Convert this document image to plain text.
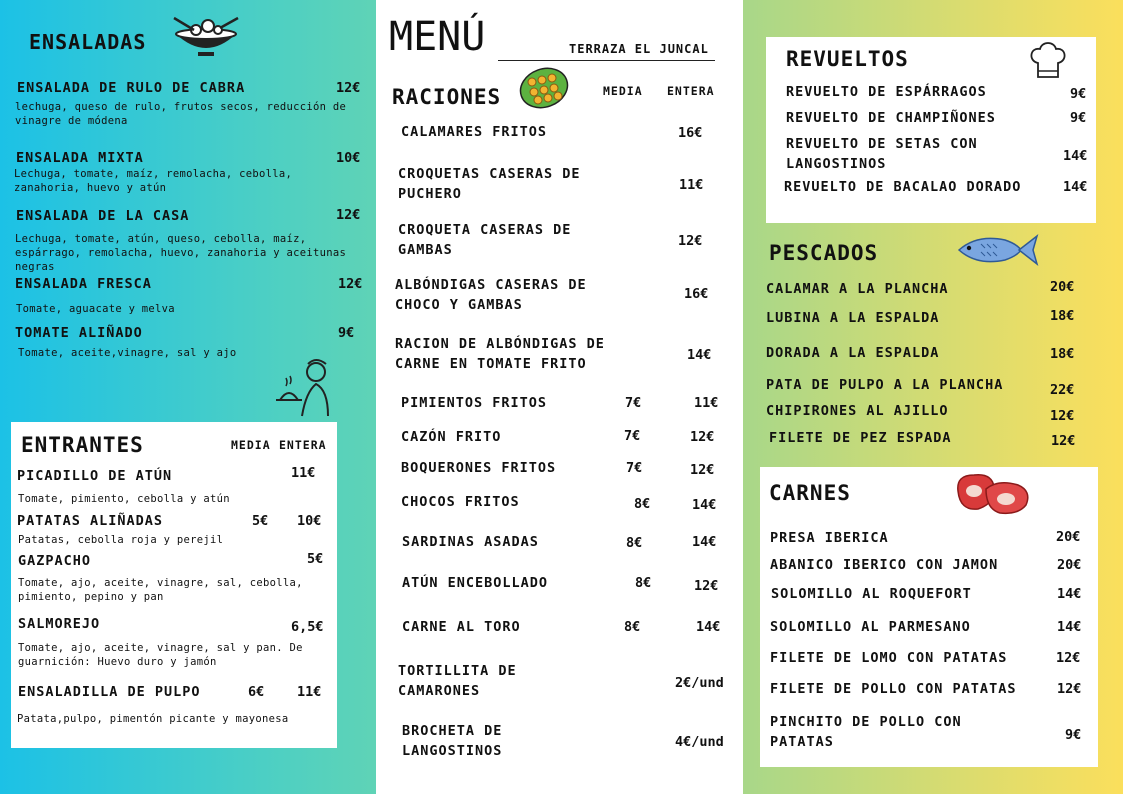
ENSALADAS
ENSALADA DE RULO DE CABRA	12€
lechuga, queso de rulo, frutos secos, reducción de vinagre de módena
ENSALADA MIXTA	10€
Lechuga, tomate, maíz, remolacha, cebolla, zanahoria, huevo y atún
ENSALADA DE LA CASA	12€
Lechuga, tomate, atún, queso, cebolla, maíz, espárrago, remolacha, huevo, zanahoria y aceitunas negras
ENSALADA FRESCA	12€
Tomate, aguacate y melva
TOMATE ALIÑADO	9€
Tomate, aceite,vinagre, sal y ajo
ENTRANTES	MEDIA ENTERA
PICADILLO DE ATÚN	11€
Tomate, pimiento, cebolla y atún
PATATAS ALIÑADAS	5€ 10€
Patatas, cebolla roja y perejil
GAZPACHO	5€
Tomate, ajo, aceite, vinagre, sal, cebolla, pimiento, pepino y pan
SALMOREJO	6,5€
Tomate, ajo, aceite, vinagre, sal y pan. De guarnición: Huevo duro y jamón
ENSALADILLA DE PULPO	6€ 11€
Patata,pulpo, pimentón picante y mayonesa
MENÚ	TERRAZA EL JUNCAL
RACIONES	MEDIA ENTERA
CALAMARES FRITOS	16€
CROQUETAS CASERAS DE PUCHERO
11€
CROQUETA CASERAS DE GAMBAS
12€
ALBÓNDIGAS CASERAS DE CHOCO Y GAMBAS
16€
RACION DE ALBÓNDIGAS DE CARNE EN TOMATE FRITO
14€
PIMIENTOS FRITOS	7€	11€
CAZÓN FRITO	7€	12€
BOQUERONES FRITOS	7€	12€
CHOCOS FRITOS	8€	14€
SARDINAS ASADAS	8€	14€
ATÚN ENCEBOLLADO	8€	12€
CARNE AL TORO	8€	14€
TORTILLITA DE CAMARONES	2€/und
BROCHETA DE LANGOSTINOS
4€/und
REVUELTOS
REVUELTO DE ESPÁRRAGOS	9€
REVUELTO DE CHAMPIÑONES	9€
REVUELTO DE SETAS CON LANGOSTINOS	14€
REVUELTO DE BACALAO DORADO	14€
PESCADOS
CALAMAR A LA PLANCHA	20€
LUBINA A LA ESPALDA	18€
DORADA A LA ESPALDA	18€
PATA DE PULPO A LA PLANCHA	22€
CHIPIRONES AL AJILLO	12€
FILETE DE PEZ ESPADA	12€
CARNES
PRESA IBERICA	20€
ABANICO IBERICO CON JAMON	20€
SOLOMILLO AL ROQUEFORT	14€
SOLOMILLO AL PARMESANO	14€
FILETE DE LOMO CON PATATAS	12€
FILETE DE POLLO CON PATATAS	12€
PINCHITO DE POLLO CON PATATAS	9€
